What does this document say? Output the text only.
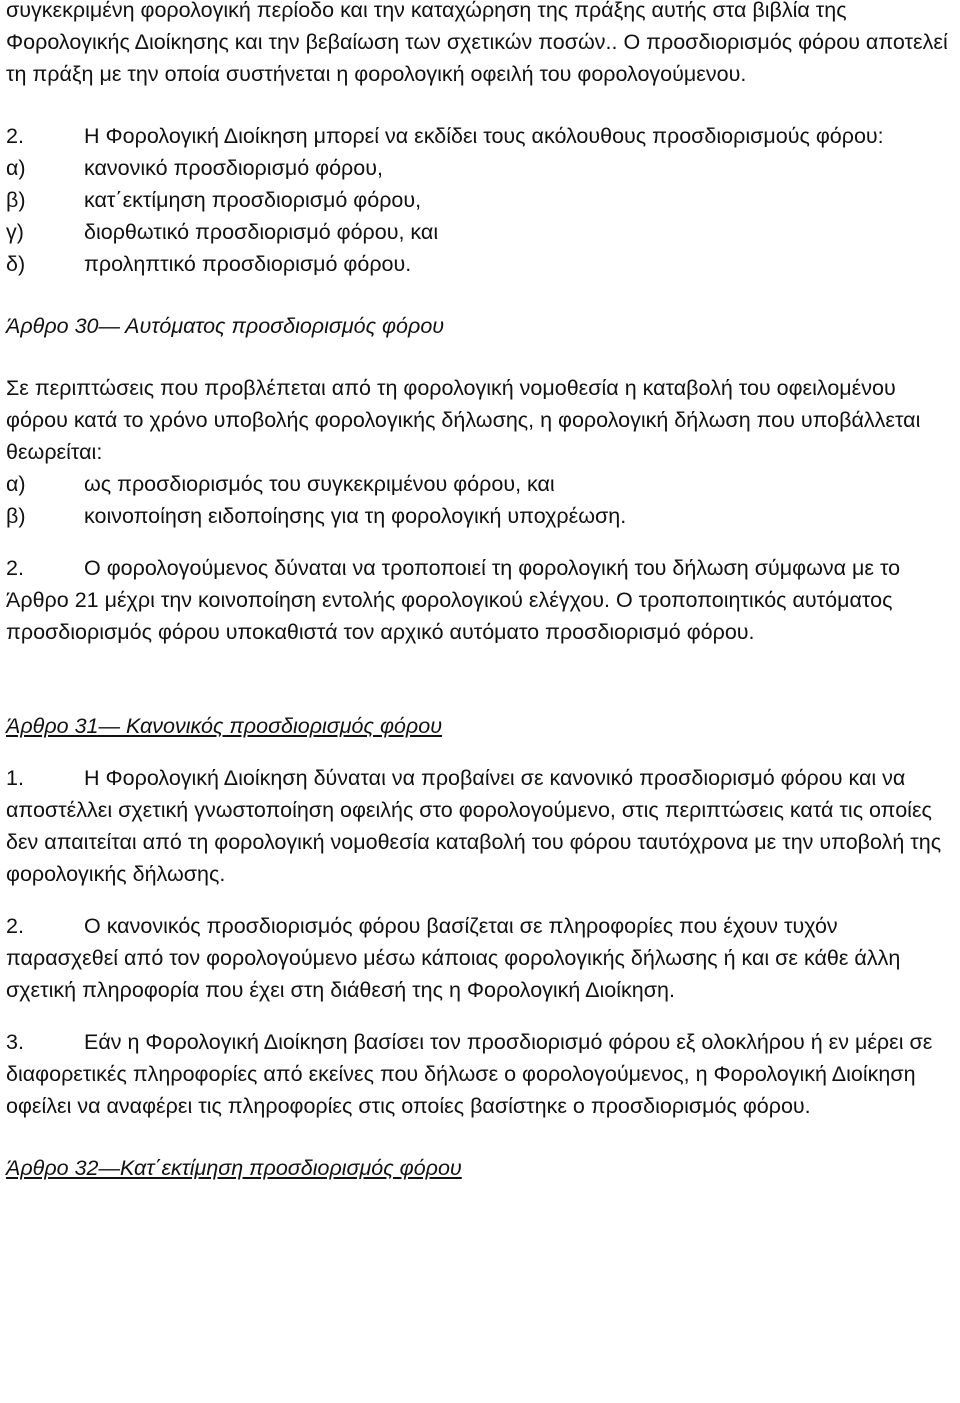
συγκεκριμένη φορολογική περίοδο και την καταχώρηση της πράξης αυτής στα βιβλία της Φορολογικής Διοίκησης και την βεβαίωση των σχετικών ποσών.. Ο προσδιορισμός φόρου αποτελεί τη πράξη με την οποία συστήνεται η φορολογική οφειλή του φορολογούμενου.

2.	Η Φορολογική Διοίκηση μπορεί να εκδίδει τους ακόλουθους προσδιορισμούς φόρου:

α)	κανονικό προσδιορισμό φόρου,

β)	κατ΄εκτίμηση προσδιορισμό φόρου,

γ)	διορθωτικό προσδιορισμό φόρου, και

δ)	προληπτικό προσδιορισμό φόρου.

Άρθρο 30— Αυτόματος προσδιορισμός φόρου

Σε περιπτώσεις που προβλέπεται από τη φορολογική νομοθεσία η καταβολή του οφειλομένου φόρου κατά το χρόνο υποβολής φορολογικής δήλωσης, η φορολογική δήλωση που υποβάλλεται θεωρείται:

α)	ως προσδιορισμός του συγκεκριμένου φόρου, και

β)	κοινοποίηση ειδοποίησης για τη φορολογική υποχρέωση.

2.	Ο φορολογούμενος δύναται να τροποποιεί τη φορολογική του δήλωση σύμφωνα με το Άρθρο 21 μέχρι την κοινοποίηση εντολής φορολογικού ελέγχου. Ο τροποποιητικός αυτόματος προσδιορισμός φόρου υποκαθιστά τον αρχικό αυτόματο προσδιορισμό φόρου.

Άρθρο 31— Κανονικός προσδιορισμός φόρου

1.	Η Φορολογική Διοίκηση δύναται να προβαίνει σε κανονικό προσδιορισμό φόρου και να αποστέλλει σχετική γνωστοποίηση οφειλής στο φορολογούμενο, στις περιπτώσεις κατά τις οποίες δεν απαιτείται από τη φορολογική νομοθεσία καταβολή του φόρου ταυτόχρονα με την υποβολή της φορολογικής δήλωσης.

2.	Ο κανονικός προσδιορισμός φόρου βασίζεται σε πληροφορίες που έχουν τυχόν παρασχεθεί από τον φορολογούμενο μέσω κάποιας φορολογικής δήλωσης ή και σε κάθε άλλη σχετική πληροφορία που έχει στη διάθεσή της η Φορολογική Διοίκηση.

3.	Εάν η Φορολογική Διοίκηση βασίσει τον προσδιορισμό φόρου εξ ολοκλήρου ή εν μέρει σε διαφορετικές πληροφορίες από εκείνες που δήλωσε ο φορολογούμενος, η Φορολογική Διοίκηση οφείλει να αναφέρει τις πληροφορίες στις οποίες βασίστηκε ο προσδιορισμός φόρου.

Άρθρο 32—Κατ΄εκτίμηση προσδιορισμός φόρου
